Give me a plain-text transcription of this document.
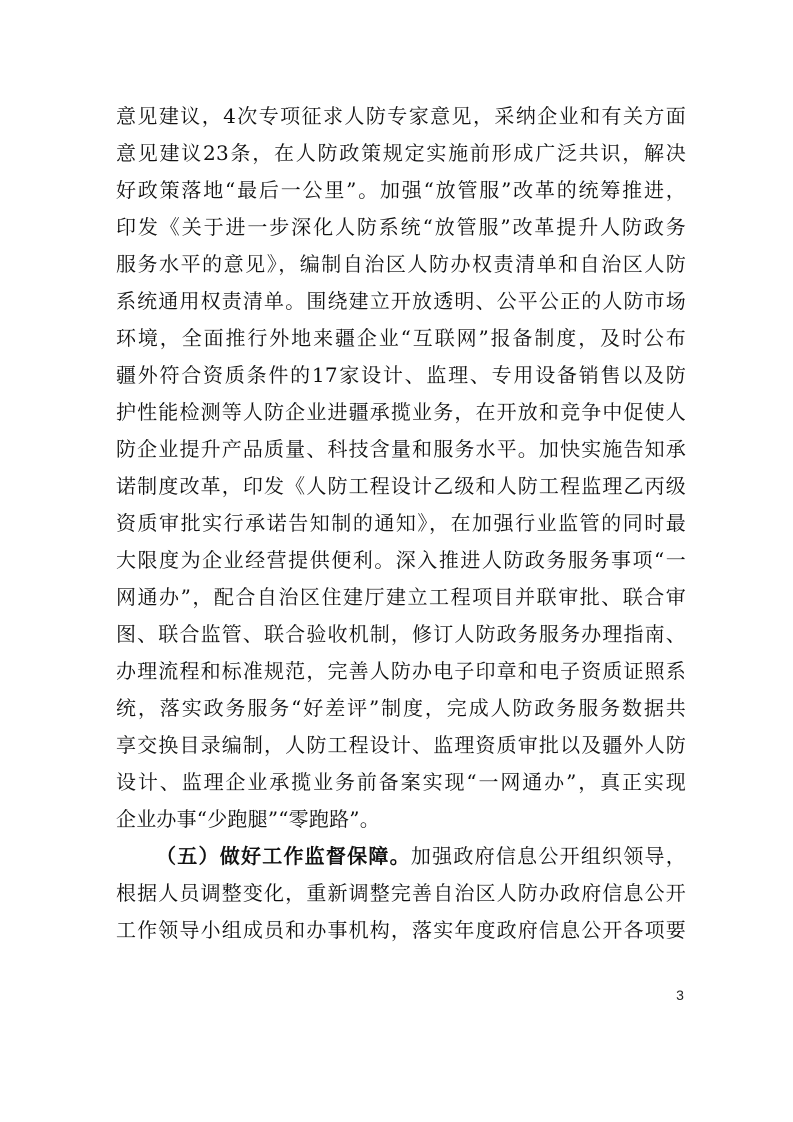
意见建议，4次专项征求人防专家意见，采纳企业和有关方面
意见建议23条，在人防政策规定实施前形成广泛共识，解决
好政策落地“最后一公里”。加强“放管服”改革的统筹推进，
印发《关于进一步深化人防系统“放管服”改革提升人防政务
服务水平的意见》，编制自治区人防办权责清单和自治区人防
系统通用权责清单。围绕建立开放透明、公平公正的人防市场
环境，全面推行外地来疆企业“互联网”报备制度，及时公布
疆外符合资质条件的17家设计、监理、专用设备销售以及防
护性能检测等人防企业进疆承揽业务，在开放和竞争中促使人
防企业提升产品质量、科技含量和服务水平。加快实施告知承
诺制度改革，印发《人防工程设计乙级和人防工程监理乙丙级
资质审批实行承诺告知制的通知》，在加强行业监管的同时最
大限度为企业经营提供便利。深入推进人防政务服务事项“一
网通办”，配合自治区住建厅建立工程项目并联审批、联合审
图、联合监管、联合验收机制，修订人防政务服务办理指南、
办理流程和标准规范，完善人防办电子印章和电子资质证照系
统，落实政务服务“好差评”制度，完成人防政务服务数据共
享交换目录编制，人防工程设计、监理资质审批以及疆外人防
设计、监理企业承揽业务前备案实现“一网通办”，真正实现
企业办事“少跑腿”“零跑路”。
（五）做好工作监督保障。加强政府信息公开组织领导，
根据人员调整变化，重新调整完善自治区人防办政府信息公开
工作领导小组成员和办事机构，落实年度政府信息公开各项要
3
